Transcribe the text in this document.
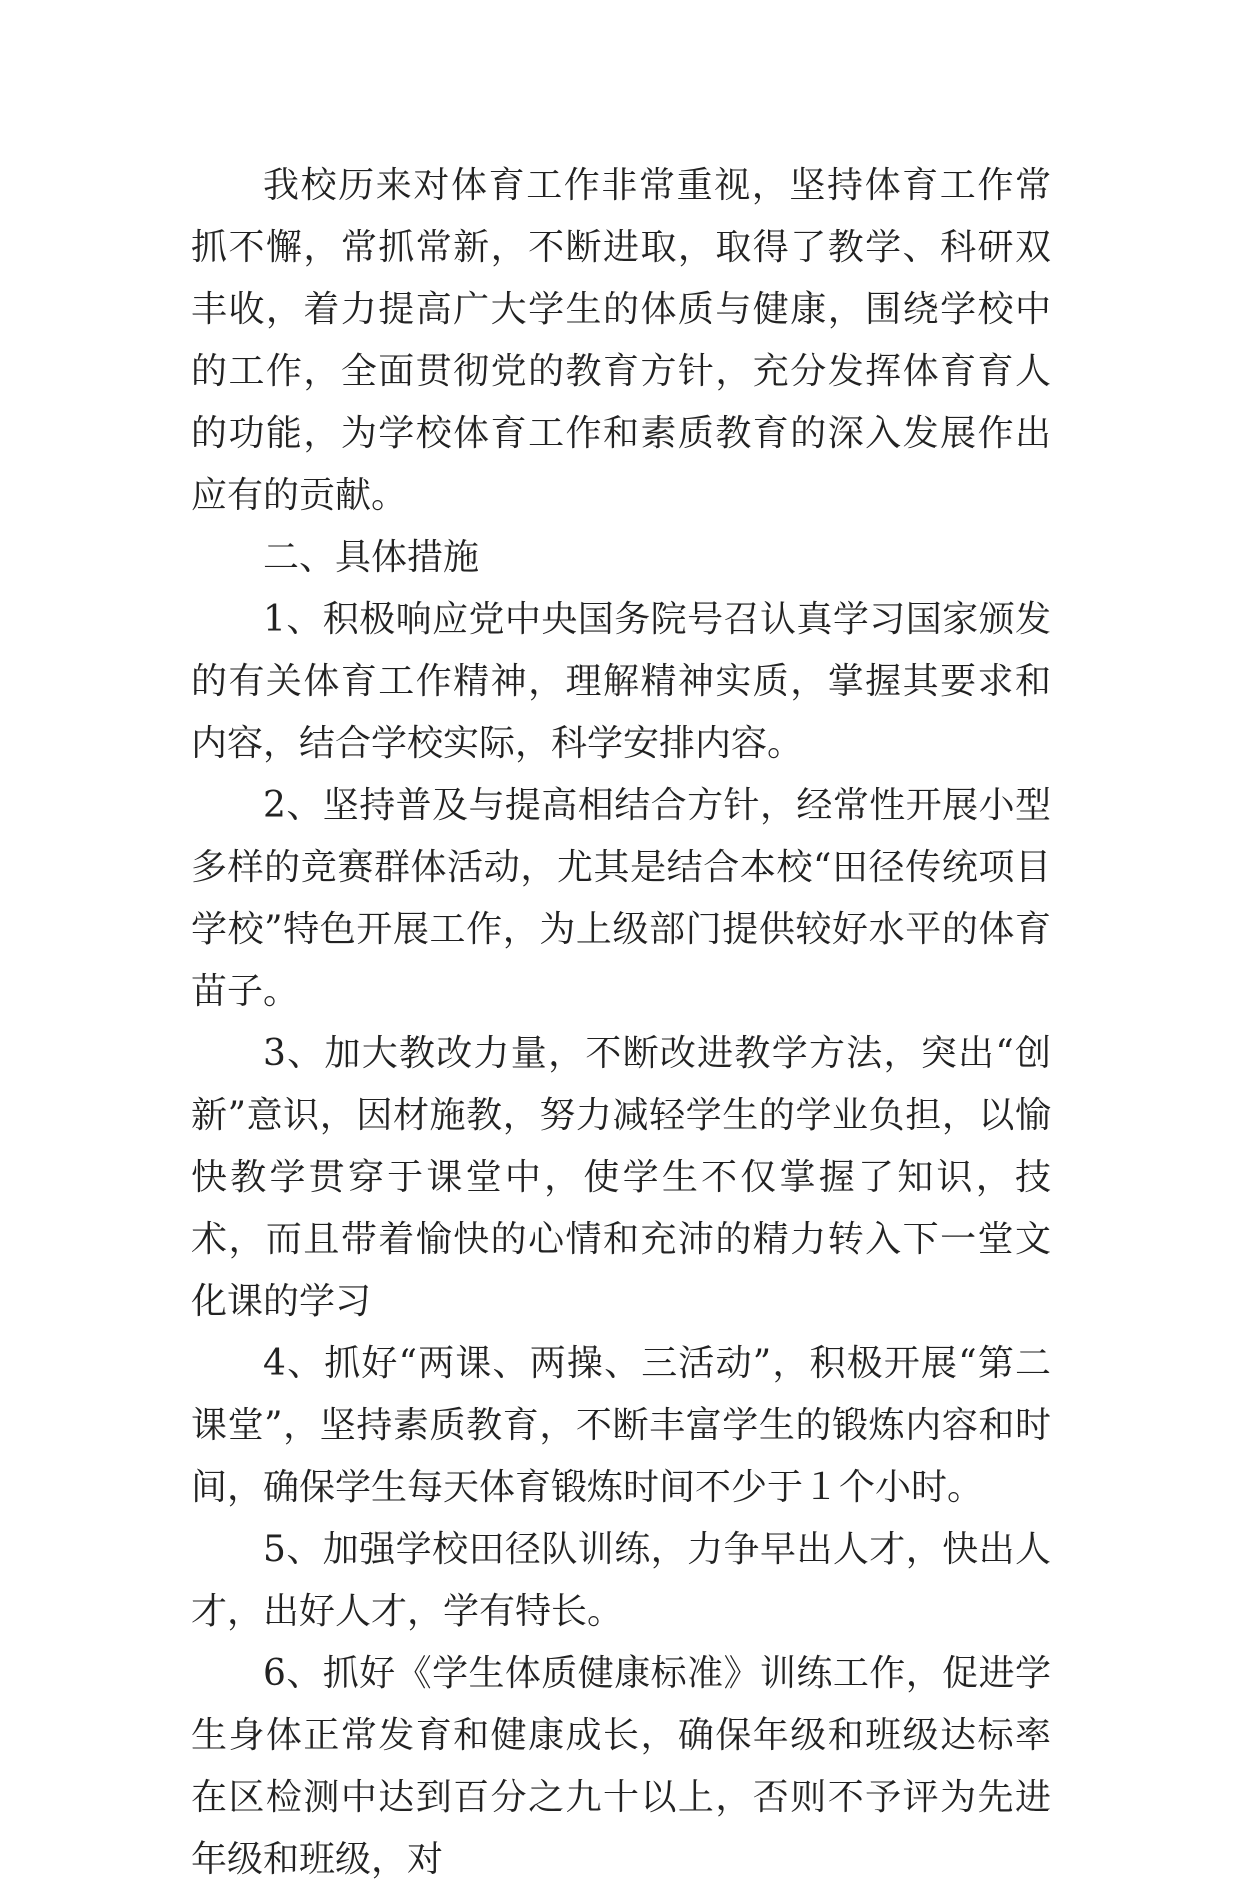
我校历来对体育工作非常重视，坚持体育工作常抓不懈，常抓常新，不断进取，取得了教学、科研双丰收，着力提高广大学生的体质与健康，围绕学校中的工作，全面贯彻党的教育方针，充分发挥体育育人的功能，为学校体育工作和素质教育的深入发展作出应有的贡献。

二、具体措施

1、积极响应党中央国务院号召认真学习国家颁发的有关体育工作精神，理解精神实质，掌握其要求和内容，结合学校实际，科学安排内容。

2、坚持普及与提高相结合方针，经常性开展小型多样的竞赛群体活动，尤其是结合本校“田径传统项目学校”特色开展工作，为上级部门提供较好水平的体育苗子。

3、加大教改力量，不断改进教学方法，突出“创新”意识，因材施教，努力减轻学生的学业负担，以愉快教学贯穿于课堂中，使学生不仅掌握了知识，技术，而且带着愉快的心情和充沛的精力转入下一堂文化课的学习

4、抓好“两课、两操、三活动”，积极开展“第二课堂”，坚持素质教育，不断丰富学生的锻炼内容和时间，确保学生每天体育锻炼时间不少于１个小时。

5、加强学校田径队训练，力争早出人才，快出人才，出好人才，学有特长。

6、抓好《学生体质健康标准》训练工作，促进学生身体正常发育和健康成长，确保年级和班级达标率在区检测中达到百分之九十以上，否则不予评为先进年级和班级，对
